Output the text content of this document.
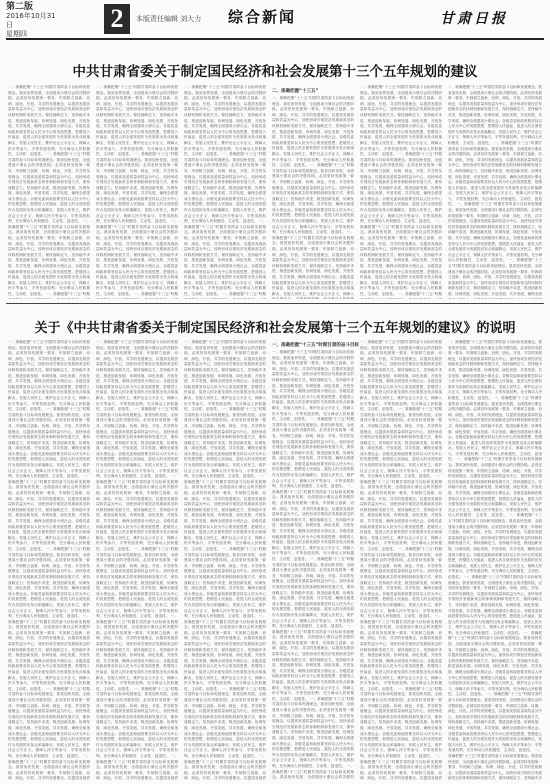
第二版
2016年10月31日
星期四
2	本版责任编辑 刘大力 综合新闻	甘肃日报
中共甘肃省委关于制定国民经济和社会发展第十三个五年规划的建议
一、准确把握“十三五”时期甘肃的奋斗目标和发展理念。我省加快发展、全面建成小康社会的决胜阶段。必须坚持发展第一要务，牢固树立创新、协调、绿色、开放、共享的发展理念，以提高发展质量和效益为中心，加快形成引领经济发展新常态的体制机制和发展方式，保持战略定力，坚持稳中求进，推进创新发展、协调发展、绿色发展、开放发展、共享发展，确保全面建成小康社会。各级党委和政府要坚持以人民为中心的发展思想，把增进人民福祉、促进人的全面发展作为发展的出发点和落脚点，发展人民民主，维护社会公平正义，保障人民平等参与、平等发展权利，充分调动人民积极性、主动性、创造性。 一、准确把握“十三五”时期甘肃的奋斗目标和发展理念。我省加快发展、全面建成小康社会的决胜阶段。必须坚持发展第一要务，牢固树立创新、协调、绿色、开放、共享的发展理念，以提高发展质量和效益为中心，加快形成引领经济发展新常态的体制机制和发展方式，保持战略定力，坚持稳中求进，推进创新发展、协调发展、绿色发展、开放发展、共享发展，确保全面建成小康社会。各级党委和政府要坚持以人民为中心的发展思想，把增进人民福祉、促进人的全面发展作为发展的出发点和落脚点，发展人民民主，维护社会公平正义，保障人民平等参与、平等发展权利，充分调动人民积极性、主动性、创造性。 一、准确把握“十三五”时期甘肃的奋斗目标和发展理念。我省加快发展、全面建成小康社会的决胜阶段。必须坚持发展第一要务，牢固树立创新、协调、绿色、开放、共享的发展理念，以提高发展质量和效益为中心，加快形成引领经济发展新常态的体制机制和发展方式，保持战略定力，坚持稳中求进，推进创新发展、协调发展、绿色发展、开放发展、共享发展，确保全面建成小康社会。各级党委和政府要坚持以人民为中心的发展思想，把增进人民福祉、促进人的全面发展作为发展的出发点和落脚点，发展人民民主，维护社会公平正义，保障人民平等参与、平等发展权利，充分调动人民积极性、主动性、创造性。 一、准确把握“十三五”时期
一、准确把握“十三五”时期甘肃的奋斗目标和发展理念。我省加快发展、全面建成小康社会的决胜阶段。必须坚持发展第一要务，牢固树立创新、协调、绿色、开放、共享的发展理念，以提高发展质量和效益为中心，加快形成引领经济发展新常态的体制机制和发展方式，保持战略定力，坚持稳中求进，推进创新发展、协调发展、绿色发展、开放发展、共享发展，确保全面建成小康社会。各级党委和政府要坚持以人民为中心的发展思想，把增进人民福祉、促进人的全面发展作为发展的出发点和落脚点，发展人民民主，维护社会公平正义，保障人民平等参与、平等发展权利，充分调动人民积极性、主动性、创造性。 一、准确把握“十三五”时期甘肃的奋斗目标和发展理念。我省加快发展、全面建成小康社会的决胜阶段。必须坚持发展第一要务，牢固树立创新、协调、绿色、开放、共享的发展理念，以提高发展质量和效益为中心，加快形成引领经济发展新常态的体制机制和发展方式，保持战略定力，坚持稳中求进，推进创新发展、协调发展、绿色发展、开放发展、共享发展，确保全面建成小康社会。各级党委和政府要坚持以人民为中心的发展思想，把增进人民福祉、促进人的全面发展作为发展的出发点和落脚点，发展人民民主，维护社会公平正义，保障人民平等参与、平等发展权利，充分调动人民积极性、主动性、创造性。 一、准确把握“十三五”时期甘肃的奋斗目标和发展理念。我省加快发展、全面建成小康社会的决胜阶段。必须坚持发展第一要务，牢固树立创新、协调、绿色、开放、共享的发展理念，以提高发展质量和效益为中心，加快形成引领经济发展新常态的体制机制和发展方式，保持战略定力，坚持稳中求进，推进创新发展、协调发展、绿色发展、开放发展、共享发展，确保全面建成小康社会。各级党委和政府要坚持以人民为中心的发展思想，把增进人民福祉、促进人的全面发展作为发展的出发点和落脚点，发展人民民主，维护社会公平正义，保障人民平等参与、平等发展权利，充分调动人民积极性、主动性、创造性。 一、准确把握“十三五”时期
一、准确把握“十三五”时期甘肃的奋斗目标和发展理念。我省加快发展、全面建成小康社会的决胜阶段。必须坚持发展第一要务，牢固树立创新、协调、绿色、开放、共享的发展理念，以提高发展质量和效益为中心，加快形成引领经济发展新常态的体制机制和发展方式，保持战略定力，坚持稳中求进，推进创新发展、协调发展、绿色发展、开放发展、共享发展，确保全面建成小康社会。各级党委和政府要坚持以人民为中心的发展思想，把增进人民福祉、促进人的全面发展作为发展的出发点和落脚点，发展人民民主，维护社会公平正义，保障人民平等参与、平等发展权利，充分调动人民积极性、主动性、创造性。 一、准确把握“十三五”时期甘肃的奋斗目标和发展理念。我省加快发展、全面建成小康社会的决胜阶段。必须坚持发展第一要务，牢固树立创新、协调、绿色、开放、共享的发展理念，以提高发展质量和效益为中心，加快形成引领经济发展新常态的体制机制和发展方式，保持战略定力，坚持稳中求进，推进创新发展、协调发展、绿色发展、开放发展、共享发展，确保全面建成小康社会。各级党委和政府要坚持以人民为中心的发展思想，把增进人民福祉、促进人的全面发展作为发展的出发点和落脚点，发展人民民主，维护社会公平正义，保障人民平等参与、平等发展权利，充分调动人民积极性、主动性、创造性。 一、准确把握“十三五”时期甘肃的奋斗目标和发展理念。我省加快发展、全面建成小康社会的决胜阶段。必须坚持发展第一要务，牢固树立创新、协调、绿色、开放、共享的发展理念，以提高发展质量和效益为中心，加快形成引领经济发展新常态的体制机制和发展方式，保持战略定力，坚持稳中求进，推进创新发展、协调发展、绿色发展、开放发展、共享发展，确保全面建成小康社会。各级党委和政府要坚持以人民为中心的发展思想，把增进人民福祉、促进人的全面发展作为发展的出发点和落脚点，发展人民民主，维护社会公平正义，保障人民平等参与、平等发展权利，充分调动人民积极性、主动性、创造性。 一、准确把握“十三五”时期
二、准确把握“十三五”
一、准确把握“十三五”时期甘肃的奋斗目标和发展理念。我省加快发展、全面建成小康社会的决胜阶段。必须坚持发展第一要务，牢固树立创新、协调、绿色、开放、共享的发展理念，以提高发展质量和效益为中心，加快形成引领经济发展新常态的体制机制和发展方式，保持战略定力，坚持稳中求进，推进创新发展、协调发展、绿色发展、开放发展、共享发展，确保全面建成小康社会。各级党委和政府要坚持以人民为中心的发展思想，把增进人民福祉、促进人的全面发展作为发展的出发点和落脚点，发展人民民主，维护社会公平正义，保障人民平等参与、平等发展权利，充分调动人民积极性、主动性、创造性。 一、准确把握“十三五”时期甘肃的奋斗目标和发展理念。我省加快发展、全面建成小康社会的决胜阶段。必须坚持发展第一要务，牢固树立创新、协调、绿色、开放、共享的发展理念，以提高发展质量和效益为中心，加快形成引领经济发展新常态的体制机制和发展方式，保持战略定力，坚持稳中求进，推进创新发展、协调发展、绿色发展、开放发展、共享发展，确保全面建成小康社会。各级党委和政府要坚持以人民为中心的发展思想，把增进人民福祉、促进人的全面发展作为发展的出发点和落脚点，发展人民民主，维护社会公平正义，保障人民平等参与、平等发展权利，充分调动人民积极性、主动性、创造性。 一、准确把握“十三五”时期甘肃的奋斗目标和发展理念。我省加快发展、全面建成小康社会的决胜阶段。必须坚持发展第一要务，牢固树立创新、协调、绿色、开放、共享的发展理念，以提高发展质量和效益为中心，加快形成引领经济发展新常态的体制机制和发展方式，保持战略定力，坚持稳中求进，推进创新发展、协调发展、绿色发展、开放发展、共享发展，确保全面建成小康社会。各级党委和政府要坚持以人民为中心的发展思想，把增进人民福祉、促进人的全面发展作为发展的出发点和落脚点，发展人民民主，维护社会公平正义，保障人
一、准确把握“十三五”时期甘肃的奋斗目标和发展理念。我省加快发展、全面建成小康社会的决胜阶段。必须坚持发展第一要务，牢固树立创新、协调、绿色、开放、共享的发展理念，以提高发展质量和效益为中心，加快形成引领经济发展新常态的体制机制和发展方式，保持战略定力，坚持稳中求进，推进创新发展、协调发展、绿色发展、开放发展、共享发展，确保全面建成小康社会。各级党委和政府要坚持以人民为中心的发展思想，把增进人民福祉、促进人的全面发展作为发展的出发点和落脚点，发展人民民主，维护社会公平正义，保障人民平等参与、平等发展权利，充分调动人民积极性、主动性、创造性。 一、准确把握“十三五”时期甘肃的奋斗目标和发展理念。我省加快发展、全面建成小康社会的决胜阶段。必须坚持发展第一要务，牢固树立创新、协调、绿色、开放、共享的发展理念，以提高发展质量和效益为中心，加快形成引领经济发展新常态的体制机制和发展方式，保持战略定力，坚持稳中求进，推进创新发展、协调发展、绿色发展、开放发展、共享发展，确保全面建成小康社会。各级党委和政府要坚持以人民为中心的发展思想，把增进人民福祉、促进人的全面发展作为发展的出发点和落脚点，发展人民民主，维护社会公平正义，保障人民平等参与、平等发展权利，充分调动人民积极性、主动性、创造性。 一、准确把握“十三五”时期甘肃的奋斗目标和发展理念。我省加快发展、全面建成小康社会的决胜阶段。必须坚持发展第一要务，牢固树立创新、协调、绿色、开放、共享的发展理念，以提高发展质量和效益为中心，加快形成引领经济发展新常态的体制机制和发展方式，保持战略定力，坚持稳中求进，推进创新发展、协调发展、绿色发展、开放发展、共享发展，确保全面建成小康社会。各级党委和政府要坚持以人民为中心的发展思想，把增进人民福祉、促进人的全面发展作为发展的出发点和落脚点，发展人民民主，维护社会公平正义，保障人民平等参与、平等发展权利，充分调动人民积极性、主动性、创造性。 一、准确把握“十三五”时期
一、准确把握“十三五”时期甘肃的奋斗目标和发展理念。我省加快发展、全面建成小康社会的决胜阶段。必须坚持发展第一要务，牢固树立创新、协调、绿色、开放、共享的发展理念，以提高发展质量和效益为中心，加快形成引领经济发展新常态的体制机制和发展方式，保持战略定力，坚持稳中求进，推进创新发展、协调发展、绿色发展、开放发展、共享发展，确保全面建成小康社会。各级党委和政府要坚持以人民为中心的发展思想，把增进人民福祉、促进人的全面发展作为发展的出发点和落脚点，发展人民民主，维护社会公平正义，保障人民平等参与、平等发展权利，充分调动人民积极性、主动性、创造性。 一、准确把握“十三五”时期甘肃的奋斗目标和发展理念。我省加快发展、全面建成小康社会的决胜阶段。必须坚持发展第一要务，牢固树立创新、协调、绿色、开放、共享的发展理念，以提高发展质量和效益为中心，加快形成引领经济发展新常态的体制机制和发展方式，保持战略定力，坚持稳中求进，推进创新发展、协调发展、绿色发展、开放发展、共享发展，确保全面建成小康社会。各级党委和政府要坚持以人民为中心的发展思想，把增进人民福祉、促进人的全面发展作为发展的出发点和落脚点，发展人民民主，维护社会公平正义，保障人民平等参与、平等发展权利，充分调动人民积极性、主动性、创造性。 一、准确把握“十三五”时期甘肃的奋斗目标和发展理念。我省加快发展、全面建成小康社会的决胜阶段。必须坚持发展第一要务，牢固树立创新、协调、绿色、开放、共享的发展理念，以提高发展质量和效益为中心，加快形成引领经济发展新常态的体制机制和发展方式，保持战略定力，坚持稳中求进，推进创新发展、协调发展、绿色发展、开放发展、共享发展，确保全面建成小康社会。各级党委和政府要坚持以人民为中心的发展思想，把增进人民福祉、促进人的全面发展作为发展的出发点和落脚点，发展人民民主，维护社会公平正义，保障人民平等参与、平等发展权利，充分调动人民积极性、主动性、创造性。 一、准确把握“十三五”时期甘肃的奋斗目标和发展理念。我省加快发展、全面建成小康社会的决胜阶段。必须坚持发展第一要务，牢固树立创新、协调、绿色、开放、共享的发展理念，以提高发展质量和效益为中心，加快形成引领经济发展新常态的体制机制和发展方式，保持战略定力，坚持稳中求进，推进创新发展、协调发展、绿色发展、开放发展、共享发展，确保全面
关于《中共甘肃省委关于制定国民经济和社会发展第十三个五年规划的建议》的说明
一、准确把握“十三五”时期甘肃的奋斗目标和发展理念。我省加快发展、全面建成小康社会的决胜阶段。必须坚持发展第一要务，牢固树立创新、协调、绿色、开放、共享的发展理念，以提高发展质量和效益为中心，加快形成引领经济发展新常态的体制机制和发展方式，保持战略定力，坚持稳中求进，推进创新发展、协调发展、绿色发展、开放发展、共享发展，确保全面建成小康社会。各级党委和政府要坚持以人民为中心的发展思想，把增进人民福祉、促进人的全面发展作为发展的出发点和落脚点，发展人民民主，维护社会公平正义，保障人民平等参与、平等发展权利，充分调动人民积极性、主动性、创造性。 一、准确把握“十三五”时期甘肃的奋斗目标和发展理念。我省加快发展、全面建成小康社会的决胜阶段。必须坚持发展第一要务，牢固树立创新、协调、绿色、开放、共享的发展理念，以提高发展质量和效益为中心，加快形成引领经济发展新常态的体制机制和发展方式，保持战略定力，坚持稳中求进，推进创新发展、协调发展、绿色发展、开放发展、共享发展，确保全面建成小康社会。各级党委和政府要坚持以人民为中心的发展思想，把增进人民福祉、促进人的全面发展作为发展的出发点和落脚点，发展人民民主，维护社会公平正义，保障人民平等参与、平等发展权利，充分调动人民积极性、主动性、创造性。 一、准确把握“十三五”时期甘肃的奋斗目标和发展理念。我省加快发展、全面建成小康社会的决胜阶段。必须坚持发展第一要务，牢固树立创新、协调、绿色、开放、共享的发展理念，以提高发展质量和效益为中心，加快形成引领经济发展新常态的体制机制和发展方式，保持战略定力，坚持稳中求进，推进创新发展、协调发展、绿色发展、开放发展、共享发展，确保全面建成小康社会。各级党委和政府要坚持以人民为中心的发展思想，把增进人民福祉、促进人的全面发展作为发展的出发点和落脚点，发展人民民主，维护社会公平正义，保障人民平等参与、平等发展权利，充分调动人民积极性、主动性、创造性。 一、准确把握“十三五”时期甘肃的奋斗目标和发展理念。我省加快发展、全面建成小康社会的决胜阶段。必须坚持发展第一要务，牢固树立创新、协调、绿色、开放、共享的发展理念，以提高发展质量和效益为中心，加快形成引领经济发展新常态的体制机制和发展方式，保持战略定力，坚持稳中求进，推进创新发展、协调发展、绿色发展、开放发展、共享发展，确保全面建成小康社会。各级党委和政府要坚持以人民为中心的发展思想，把增进人民福祉、促进人的全面发展作为发展的出发点和落脚点，发展人民民主，维护社会公平正义，保障人民平等参与、平等发展权利，充分调动人民积极性、主动性、创造性。 一、准确把握“十三五”时期甘肃的奋斗目标和发展理念。我省加快发展、全面建成小康社会的决胜阶段。必须坚持发展第一要务，牢固树立创新、协调、绿色、开放、共享的发展理念，以提高发展质量和效益为中心，加快形成引领经济发展新常态的体制机制和发展方式，保持战略定力，坚持稳中求进，推进创新发展、协调发展、绿色发展、开放发展、共享发展，确保全面建成小康社会。各级党委和政府要坚持以人民为中心的发展思想，把增进人民福祉、促进人的全面发展作为发展的出发点和落脚点，发展人民民主，维护社会公平正义，保障人民平等参与、平等发展权利，充分调动人民积极性、主动性、创造性。 一、准确把握“十三五”时期甘肃的奋斗目标和发展理念。我省加快发展、全面建成小康社会的决胜阶段。必须坚持发展第一要务，牢固树立创新、协调、绿色、开放、共享的发展理念，以提高发展质量和效益为中心，加快形成引领经济发展新常态的体制机制和发展方式，保持战略定力，坚持稳中求进，推进创新发展、协调发展、绿色发展、开放发展、共享发展，确保全面建成小康社会。各级党委和政府要坚持以人民为中心的发展思想，把增进人民福祉、促进人的全面发展作为发展的出发点和落脚点，发展人民民主，维护社会公平正义，保障人民平等参与、平等发展权利，充分调动人民积极性、主动性、创造性。 一、准确把握“十三五”时期甘肃的奋斗目标和发展理念。我省加快发展、全面建成小康社会的决胜阶段。必须坚持发展第一要务，牢固树立创新、协调、绿色、开放、共享的发展理念，以提高发展质
一、准确把握“十三五”时期甘肃的奋斗目标和发展理念。我省加快发展、全面建成小康社会的决胜阶段。必须坚持发展第一要务，牢固树立创新、协调、绿色、开放、共享的发展理念，以提高发展质量和效益为中心，加快形成引领经济发展新常态的体制机制和发展方式，保持战略定力，坚持稳中求进，推进创新发展、协调发展、绿色发展、开放发展、共享发展，确保全面建成小康社会。各级党委和政府要坚持以人民为中心的发展思想，把增进人民福祉、促进人的全面发展作为发展的出发点和落脚点，发展人民民主，维护社会公平正义，保障人民平等参与、平等发展权利，充分调动人民积极性、主动性、创造性。 一、准确把握“十三五”时期甘肃的奋斗目标和发展理念。我省加快发展、全面建成小康社会的决胜阶段。必须坚持发展第一要务，牢固树立创新、协调、绿色、开放、共享的发展理念，以提高发展质量和效益为中心，加快形成引领经济发展新常态的体制机制和发展方式，保持战略定力，坚持稳中求进，推进创新发展、协调发展、绿色发展、开放发展、共享发展，确保全面建成小康社会。各级党委和政府要坚持以人民为中心的发展思想，把增进人民福祉、促进人的全面发展作为发展的出发点和落脚点，发展人民民主，维护社会公平正义，保障人民平等参与、平等发展权利，充分调动人民积极性、主动性、创造性。 一、准确把握“十三五”时期甘肃的奋斗目标和发展理念。我省加快发展、全面建成小康社会的决胜阶段。必须坚持发展第一要务，牢固树立创新、协调、绿色、开放、共享的发展理念，以提高发展质量和效益为中心，加快形成引领经济发展新常态的体制机制和发展方式，保持战略定力，坚持稳中求进，推进创新发展、协调发展、绿色发展、开放发展、共享发展，确保全面建成小康社会。各级党委和政府要坚持以人民为中心的发展思想，把增进人民福祉、促进人的全面发展作为发展的出发点和落脚点，发展人民民主，维护社会公平正义，保障人民平等参与、平等发展权利，充分调动人民积极性、主动性、创造性。 一、准确把握“十三五”时期甘肃的奋斗目标和发展理念。我省加快发展、全面建成小康社会的决胜阶段。必须坚持发展第一要务，牢固树立创新、协调、绿色、开放、共享的发展理念，以提高发展质量和效益为中心，加快形成引领经济发展新常态的体制机制和发展方式，保持战略定力，坚持稳中求进，推进创新发展、协调发展、绿色发展、开放发展、共享发展，确保全面建成小康社会。各级党委和政府要坚持以人民为中心的发展思想，把增进人民福祉、促进人的全面发展作为发展的出发点和落脚点，发展人民民主，维护社会公平正义，保障人民平等参与、平等发展权利，充分调动人民积极性、主动性、创造性。 一、准确把握“十三五”时期甘肃的奋斗目标和发展理念。我省加快发展、全面建成小康社会的决胜阶段。必须坚持发展第一要务，牢固树立创新、协调、绿色、开放、共享的发展理念，以提高发展质量和效益为中心，加快形成引领经济发展新常态的体制机制和发展方式，保持战略定力，坚持稳中求进，推进创新发展、协调发展、绿色发展、开放发展、共享发展，确保全面建成小康社会。各级党委和政府要坚持以人民为中心的发展思想，把增进人民福祉、促进人的全面发展作为发展的出发点和落脚点，发展人民民主，维护社会公平正义，保障人民平等参与、平等发展权利，充分调动人民积极性、主动性、创造性。 一、准确把握“十三五”时期甘肃的奋斗目标和发展理念。我省加快发展、全面建成小康社会的决胜阶段。必须坚持发展第一要务，牢固树立创新、协调、绿色、开放、共享的发展理念，以提高发展质量和效益为中心，加快形成引领经济发展新常态的体制机制和发展方式，保持战略定力，坚持稳中求进，推进创新发展、协调发展、绿色发展、开放发展、共享发展，确保全面建成小康社会。各级党委和政府要坚持以人民为中心的发展思想，把增进人民福祉、促进人的全面发展作为发展的出发点和落脚点，发展人民民主，维护社会公平正义，保障人民平等参与、平等发展权利，充分调动人民积极性、主动性、创造性。 一、准确把握“十三五”时期甘肃的奋斗目标和发展理念。我省加快发展、全面建成小康社会的决胜阶段。必须坚持发展第一要务，牢固树立创新、协调、绿色、开放、共享的发展理念，以提高发展质
一、准确把握“十三五”时期甘肃的奋斗目标和发展理念。我省加快发展、全面建成小康社会的决胜阶段。必须坚持发展第一要务，牢固树立创新、协调、绿色、开放、共享的发展理念，以提高发展质量和效益为中心，加快形成引领经济发展新常态的体制机制和发展方式，保持战略定力，坚持稳中求进，推进创新发展、协调发展、绿色发展、开放发展、共享发展，确保全面建成小康社会。各级党委和政府要坚持以人民为中心的发展思想，把增进人民福祉、促进人的全面发展作为发展的出发点和落脚点，发展人民民主，维护社会公平正义，保障人民平等参与、平等发展权利，充分调动人民积极性、主动性、创造性。 一、准确把握“十三五”时期甘肃的奋斗目标和发展理念。我省加快发展、全面建成小康社会的决胜阶段。必须坚持发展第一要务，牢固树立创新、协调、绿色、开放、共享的发展理念，以提高发展质量和效益为中心，加快形成引领经济发展新常态的体制机制和发展方式，保持战略定力，坚持稳中求进，推进创新发展、协调发展、绿色发展、开放发展、共享发展，确保全面建成小康社会。各级党委和政府要坚持以人民为中心的发展思想，把增进人民福祉、促进人的全面发展作为发展的出发点和落脚点，发展人民民主，维护社会公平正义，保障人民平等参与、平等发展权利，充分调动人民积极性、主动性、创造性。 一、准确把握“十三五”时期甘肃的奋斗目标和发展理念。我省加快发展、全面建成小康社会的决胜阶段。必须坚持发展第一要务，牢固树立创新、协调、绿色、开放、共享的发展理念，以提高发展质量和效益为中心，加快形成引领经济发展新常态的体制机制和发展方式，保持战略定力，坚持稳中求进，推进创新发展、协调发展、绿色发展、开放发展、共享发展，确保全面建成小康社会。各级党委和政府要坚持以人民为中心的发展思想，把增进人民福祉、促进人的全面发展作为发展的出发点和落脚点，发展人民民主，维护社会公平正义，保障人民平等参与、平等发展权利，充分调动人民积极性、主动性、创造性。 一、准确把握“十三五”时期甘肃的奋斗目标和发展理念。我省加快发展、全面建成小康社会的决胜阶段。必须坚持发展第一要务，牢固树立创新、协调、绿色、开放、共享的发展理念，以提高发展质量和效益为中心，加快形成引领经济发展新常态的体制机制和发展方式，保持战略定力，坚持稳中求进，推进创新发展、协调发展、绿色发展、开放发展、共享发展，确保全面建成小康社会。各级党委和政府要坚持以人民为中心的发展思想，把增进人民福祉、促进人的全面发展作为发展的出发点和落脚点，发展人民民主，维护社会公平正义，保障人民平等参与、平等发展权利，充分调动人民积极性、主动性、创造性。 一、准确把握“十三五”时期甘肃的奋斗目标和发展理念。我省加快发展、全面建成小康社会的决胜阶段。必须坚持发展第一要务，牢固树立创新、协调、绿色、开放、共享的发展理念，以提高发展质量和效益为中心，加快形成引领经济发展新常态的体制机制和发展方式，保持战略定力，坚持稳中求进，推进创新发展、协调发展、绿色发展、开放发展、共享发展，确保全面建成小康社会。各级党委和政府要坚持以人民为中心的发展思想，把增进人民福祉、促进人的全面发展作为发展的出发点和落脚点，发展人民民主，维护社会公平正义，保障人民平等参与、平等发展权利，充分调动人民积极性、主动性、创造性。 一、准确把握“十三五”时期甘肃的奋斗目标和发展理念。我省加快发展、全面建成小康社会的决胜阶段。必须坚持发展第一要务，牢固树立创新、协调、绿色、开放、共享的发展理念，以提高发展质量和效益为中心，加快形成引领经济发展新常态的体制机制和发展方式，保持战略定力，坚持稳中求进，推进创新发展、协调发展、绿色发展、开放发展、共享发展，确保全面建成小康社会。各级党委和政府要坚持以人民为中心的发展思想，把增进人民福祉、促进人的全面发展作为发展的出发点和落脚点，发展人民民主，维护社会公平正义，保障人民平等参与、平等发展权利，充分调动人民积极性、主动性、创造性。 一、准确把握“十三五”时期甘肃的奋斗目标和发展理念。我省加快发展、全面建成小康社会的决胜阶段。必须坚持发展第一要务，牢固树立创新、协调、绿色、开放、共享的发展理念，以提高发展质
一、准确把握“十三五”时期甘肃的奋斗目标
一、准确把握“十三五”时期甘肃的奋斗目标和发展理念。我省加快发展、全面建成小康社会的决胜阶段。必须坚持发展第一要务，牢固树立创新、协调、绿色、开放、共享的发展理念，以提高发展质量和效益为中心，加快形成引领经济发展新常态的体制机制和发展方式，保持战略定力，坚持稳中求进，推进创新发展、协调发展、绿色发展、开放发展、共享发展，确保全面建成小康社会。各级党委和政府要坚持以人民为中心的发展思想，把增进人民福祉、促进人的全面发展作为发展的出发点和落脚点，发展人民民主，维护社会公平正义，保障人民平等参与、平等发展权利，充分调动人民积极性、主动性、创造性。 一、准确把握“十三五”时期甘肃的奋斗目标和发展理念。我省加快发展、全面建成小康社会的决胜阶段。必须坚持发展第一要务，牢固树立创新、协调、绿色、开放、共享的发展理念，以提高发展质量和效益为中心，加快形成引领经济发展新常态的体制机制和发展方式，保持战略定力，坚持稳中求进，推进创新发展、协调发展、绿色发展、开放发展、共享发展，确保全面建成小康社会。各级党委和政府要坚持以人民为中心的发展思想，把增进人民福祉、促进人的全面发展作为发展的出发点和落脚点，发展人民民主，维护社会公平正义，保障人民平等参与、平等发展权利，充分调动人民积极性、主动性、创造性。 一、准确把握“十三五”时期甘肃的奋斗目标和发展理念。我省加快发展、全面建成小康社会的决胜阶段。必须坚持发展第一要务，牢固树立创新、协调、绿色、开放、共享的发展理念，以提高发展质量和效益为中心，加快形成引领经济发展新常态的体制机制和发展方式，保持战略定力，坚持稳中求进，推进创新发展、协调发展、绿色发展、开放发展、共享发展，确保全面建成小康社会。各级党委和政府要坚持以人民为中心的发展思想，把增进人民福祉、促进人的全面发展作为发展的出发点和落脚点，发展人民民主，维护社会公平正义，保障人民平等参与、平等发展权利，充分调动人民积极性、主动性、创造性。 一、准确把握“十三五”时期甘肃的奋斗目标和发展理念。我省加快发展、全面建成小康社会的决胜阶段。必须坚持发展第一要务，牢固树立创新、协调、绿色、开放、共享的发展理念，以提高发展质量和效益为中心，加快形成引领经济发展新常态的体制机制和发展方式，保持战略定力，坚持稳中求进，推进创新发展、协调发展、绿色发展、开放发展、共享发展，确保全面建成小康社会。各级党委和政府要坚持以人民为中心的发展思想，把增进人民福祉、促进人的全面发展作为发展的出发点和落脚点，发展人民民主，维护社会公平正义，保障人民平等参与、平等发展权利，充分调动人民积极性、主动性、创造性。 一、准确把握“十三五”时期甘肃的奋斗目标和发展理念。我省加快发展、全面建成小康社会的决胜阶段。必须坚持发展第一要务，牢固树立创新、协调、绿色、开放、共享的发展理念，以提高发展质量和效益为中心，加快形成引领经济发展新常态的体制机制和发展方式，保持战略定力，坚持稳中求进，推进创新发展、协调发展、绿色发展、开放发展、共享发展，确保全面建成小康社会。各级党委和政府要坚持以人民为中心的发展思想，把增进人民福祉、促进人的全面发展作为发展的出发点和落脚点，发展人民民主，维护社会公平正义，保障人民平等参与、平等发展权利，充分调动人民积极性、主动性、创造性。 一、准确把握“十三五”时期甘肃的奋斗目标和发展理念。我省加快发展、全面建成小康社会的决胜阶段。必须坚持发展第一要务，牢固树立创新、协调、绿色、开放、共享的发展理念，以提高发展质量和效益为中心，加快形成引领经济发展新常态的体制机制和发展方式，保持战略定力，坚持稳中求进，推进创新发展、协调发展、绿色发展、开放发展、共享发展，确保全面建成小康社会。各级党委和政府要坚持以人民为中心的发展思想，把增进人民福祉、促进人的全面发展作为发展的出发点和落脚点，发展人民民主，维护社会公平正义，保障人民平等参与、平等发展权利，充分调动人民积极性、主动性、创造性。 一、准确把握“十三五”时期甘肃的奋斗目标和发展理念。我省加快发展、全面建成小康社会的决胜阶
一、准确把握“十三五”时期甘肃的奋斗目标和发展理念。我省加快发展、全面建成小康社会的决胜阶段。必须坚持发展第一要务，牢固树立创新、协调、绿色、开放、共享的发展理念，以提高发展质量和效益为中心，加快形成引领经济发展新常态的体制机制和发展方式，保持战略定力，坚持稳中求进，推进创新发展、协调发展、绿色发展、开放发展、共享发展，确保全面建成小康社会。各级党委和政府要坚持以人民为中心的发展思想，把增进人民福祉、促进人的全面发展作为发展的出发点和落脚点，发展人民民主，维护社会公平正义，保障人民平等参与、平等发展权利，充分调动人民积极性、主动性、创造性。 一、准确把握“十三五”时期甘肃的奋斗目标和发展理念。我省加快发展、全面建成小康社会的决胜阶段。必须坚持发展第一要务，牢固树立创新、协调、绿色、开放、共享的发展理念，以提高发展质量和效益为中心，加快形成引领经济发展新常态的体制机制和发展方式，保持战略定力，坚持稳中求进，推进创新发展、协调发展、绿色发展、开放发展、共享发展，确保全面建成小康社会。各级党委和政府要坚持以人民为中心的发展思想，把增进人民福祉、促进人的全面发展作为发展的出发点和落脚点，发展人民民主，维护社会公平正义，保障人民平等参与、平等发展权利，充分调动人民积极性、主动性、创造性。 一、准确把握“十三五”时期甘肃的奋斗目标和发展理念。我省加快发展、全面建成小康社会的决胜阶段。必须坚持发展第一要务，牢固树立创新、协调、绿色、开放、共享的发展理念，以提高发展质量和效益为中心，加快形成引领经济发展新常态的体制机制和发展方式，保持战略定力，坚持稳中求进，推进创新发展、协调发展、绿色发展、开放发展、共享发展，确保全面建成小康社会。各级党委和政府要坚持以人民为中心的发展思想，把增进人民福祉、促进人的全面发展作为发展的出发点和落脚点，发展人民民主，维护社会公平正义，保障人民平等参与、平等发展权利，充分调动人民积极性、主动性、创造性。 一、准确把握“十三五”时期甘肃的奋斗目标和发展理念。我省加快发展、全面建成小康社会的决胜阶段。必须坚持发展第一要务，牢固树立创新、协调、绿色、开放、共享的发展理念，以提高发展质量和效益为中心，加快形成引领经济发展新常态的体制机制和发展方式，保持战略定力，坚持稳中求进，推进创新发展、协调发展、绿色发展、开放发展、共享发展，确保全面建成小康社会。各级党委和政府要坚持以人民为中心的发展思想，把增进人民福祉、促进人的全面发展作为发展的出发点和落脚点，发展人民民主，维护社会公平正义，保障人民平等参与、平等发展权利，充分调动人民积极性、主动性、创造性。 一、准确把握“十三五”时期甘肃的奋斗目标和发展理念。我省加快发展、全面建成小康社会的决胜阶段。必须坚持发展第一要务，牢固树立创新、协调、绿色、开放、共享的发展理念，以提高发展质量和效益为中心，加快形成引领经济发展新常态的体制机制和发展方式，保持战略定力，坚持稳中求进，推进创新发展、协调发展、绿色发展、开放发展、共享发展，确保全面建成小康社会。各级党委和政府要坚持以人民为中心的发展思想，把增进人民福祉、促进人的全面发展作为发展的出发点和落脚点，发展人民民主，维护社会公平正义，保障人民平等参与、平等发展权利，充分调动人民积极性、主动性、创造性。 一、准确把握“十三五”时期甘肃的奋斗目标和发展理念。我省加快发展、全面建成小康社会的决胜阶段。必须坚持发展第一要务，牢固树立创新、协调、绿色、开放、共享的发展理念，以提高发展质量和效益为中心，加快形成引领经济发展新常态的体制机制和发展方式，保持战略定力，坚持稳中求进，推进创新发展、协调发展、绿色发展、开放发展、共享发展，确保全面建成小康社会。各级党委和政府要坚持以人民为中心的发展思想，把增进人民福祉、促进人的全面发展作为发展的出发点和落脚点，发展人民民主，维护社会公平正义，保障人民平等参与、平等发展权利，充分调动人民积极性、主动性、创造性。 一、准确把握“十三五”时期甘肃的奋斗目标和发展理念。我省加快发展、全面建成小康社会的决胜阶段。必须坚持发展第一要务，牢固树立创新、协调、绿色、开放、共享的发展理念，以提高发展质
一、准确把握“十三五”时期甘肃的奋斗目标和发展理念。我省加快发展、全面建成小康社会的决胜阶段。必须坚持发展第一要务，牢固树立创新、协调、绿色、开放、共享的发展理念，以提高发展质量和效益为中心，加快形成引领经济发展新常态的体制机制和发展方式，保持战略定力，坚持稳中求进，推进创新发展、协调发展、绿色发展、开放发展、共享发展，确保全面建成小康社会。各级党委和政府要坚持以人民为中心的发展思想，把增进人民福祉、促进人的全面发展作为发展的出发点和落脚点，发展人民民主，维护社会公平正义，保障人民平等参与、平等发展权利，充分调动人民积极性、主动性、创造性。 一、准确把握“十三五”时期甘肃的奋斗目标和发展理念。我省加快发展、全面建成小康社会的决胜阶段。必须坚持发展第一要务，牢固树立创新、协调、绿色、开放、共享的发展理念，以提高发展质量和效益为中心，加快形成引领经济发展新常态的体制机制和发展方式，保持战略定力，坚持稳中求进，推进创新发展、协调发展、绿色发展、开放发展、共享发展，确保全面建成小康社会。各级党委和政府要坚持以人民为中心的发展思想，把增进人民福祉、促进人的全面发展作为发展的出发点和落脚点，发展人民民主，维护社会公平正义，保障人民平等参与、平等发展权利，充分调动人民积极性、主动性、创造性。 一、准确把握“十三五”时期甘肃的奋斗目标和发展理念。我省加快发展、全面建成小康社会的决胜阶段。必须坚持发展第一要务，牢固树立创新、协调、绿色、开放、共享的发展理念，以提高发展质量和效益为中心，加快形成引领经济发展新常态的体制机制和发展方式，保持战略定力，坚持稳中求进，推进创新发展、协调发展、绿色发展、开放发展、共享发展，确保全面建成小康社会。各级党委和政府要坚持以人民为中心的发展思想，把增进人民福祉、促进人的全面发展作为发展的出发点和落脚点，发展人民民主，维护社会公平正义，保障人民平等参与、平等发展权利，充分调动人民积极性、主动性、创造性。 一、准确把握“十三五”时期甘肃的奋斗目标和发展理念。我省加快发展、全面建成小康社会的决胜阶段。必须坚持发展第一要务，牢固树立创新、协调、绿色、开放、共享的发展理念，以提高发展质量和效益为中心，加快形成引领经济发展新常态的体制机制和发展方式，保持战略定力，坚持稳中求进，推进创新发展、协调发展、绿色发展、开放发展、共享发展，确保全面建成小康社会。各级党委和政府要坚持以人民为中心的发展思想，把增进人民福祉、促进人的全面发展作为发展的出发点和落脚点，发展人民民主，维护社会公平正义，保障人民平等参与、平等发展权利，充分调动人民积极性、主动性、创造性。 一、准确把握“十三五”时期甘肃的奋斗目标和发展理念。我省加快发展、全面建成小康社会的决胜阶段。必须坚持发展第一要务，牢固树立创新、协调、绿色、开放、共享的发展理念，以提高发展质量和效益为中心，加快形成引领经济发展新常态的体制机制和发展方式，保持战略定力，坚持稳中求进，推进创新发展、协调发展、绿色发展、开放发展、共享发展，确保全面建成小康社会。各级党委和政府要坚持以人民为中心的发展思想，把增进人民福祉、促进人的全面发展作为发展的出发点和落脚点，发展人民民主，维护社会公平正义，保障人民平等参与、平等发展权利，充分调动人民积极性、主动性、创造性。 一、准确把握“十三五”时期甘肃的奋斗目标和发展理念。我省加快发展、全面建成小康社会的决胜阶段。必须坚持发展第一要务，牢固树立创新、协调、绿色、开放、共享的发展理念，以提高发展质量和效益为中心，加快形成引领经济发展新常态的体制机制和发展方式，保持战略定力，坚持稳中求进，推进创新发展、协调发展、绿色发展、开放发展、共享发展，确保全面建成小康社会。各级党委和政府要坚持以人民为中心的发展思想，把增进人民福祉、促进人的全面发展作为发展的出发点和落脚点，发展人民民主，维护社会公平正义，保障人民平等参与、平等发展权利，充分调动人民积极性、主动性、创造性。 一、准确把握“十三五”时期甘肃的奋斗目标和发展理念。我省加快发展、全面建成小康社会的决胜阶段。必须坚持发展第一要务，牢固树立创新、协调、绿色、开放、共享的发展理念，以提高发展质量和效益为中心，加快形成引领经济发展新常态的体制机制和发展方式，保持战略定力，坚持稳中求进，推进创新发展、协调发展、绿色发展、开放发展、共享发展，确保全面建成小康社会。各级党委和政府要坚持以人民为中心的发展思想，把增进人民福祉、促进人的全面发展作为发展的出发点和落脚点，发展人民民主，维护社会公平正义，保障人民平等参与、平等发展权利，充分调动人民积极性、主动性、创造性。 一、准确把握“十三五”时期甘肃的奋斗目标和发展理念。我省加快发展、全面建成小康社会的决胜阶段。必须坚持发展第一要务，牢固树立创新、协调、绿色、开放、共享的发展理念，以提高发展质量和效益为中心，加快形成引领经济发展新常态的体制机制和发展方式，保持战略定力，坚持稳中求
